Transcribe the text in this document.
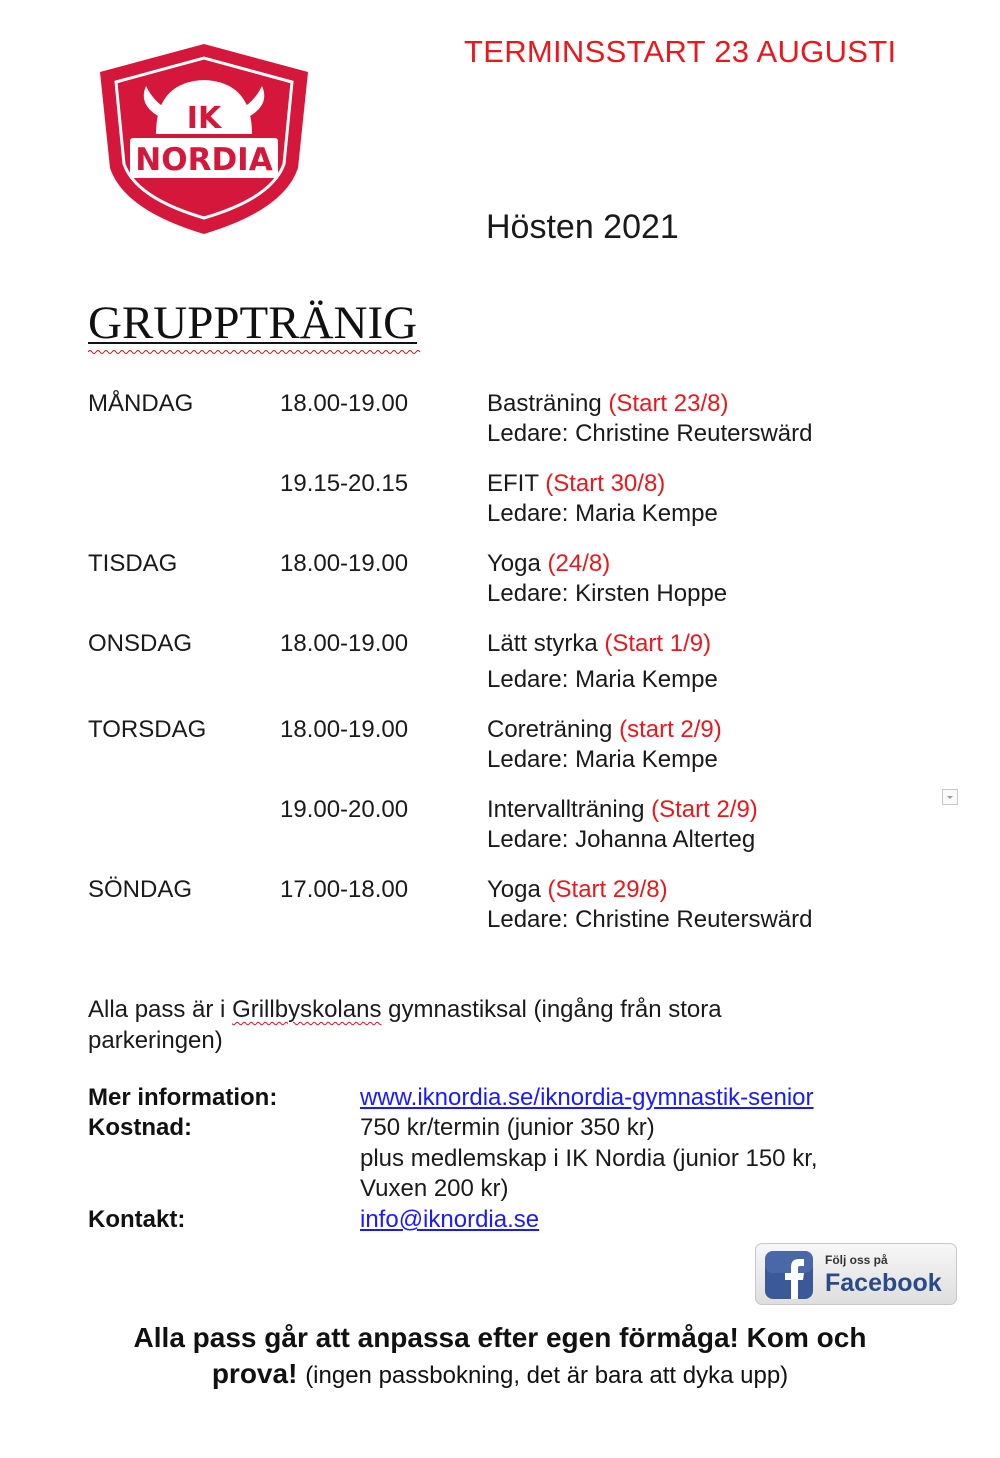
IK
NORDIA
TERMINSSTART 23 AUGUSTI
Hösten 2021
GRUPPTRÄNIG
MÅNDAG	18.00-19.00	Basträning (Start 23/8)
Ledare: Christine Reuterswärd
19.15-20.15	EFIT (Start 30/8)
Ledare: Maria Kempe
TISDAG	18.00-19.00	Yoga (24/8)
Ledare: Kirsten Hoppe
ONSDAG	18.00-19.00	Lätt styrka (Start 1/9)
Ledare: Maria Kempe
TORSDAG	18.00-19.00	Coreträning (start 2/9)
Ledare: Maria Kempe
19.00-20.00	Intervallträning (Start 2/9)
Ledare: Johanna Alterteg
SÖNDAG	17.00-18.00	Yoga (Start 29/8)
Ledare: Christine Reuterswärd
Alla pass är i Grillbyskolans gymnastiksal (ingång från stora parkeringen)
Mer information:	www.iknordia.se/iknordia-gymnastik-senior
Kostnad:	750 kr/termin (junior 350 kr)
plus medlemskap i IK Nordia (junior 150 kr,
Vuxen 200 kr)
Kontakt:	info@iknordia.se
Följ oss på
Facebook
Alla pass går att anpassa efter egen förmåga! Kom och
prova! (ingen passbokning, det är bara att dyka upp)
